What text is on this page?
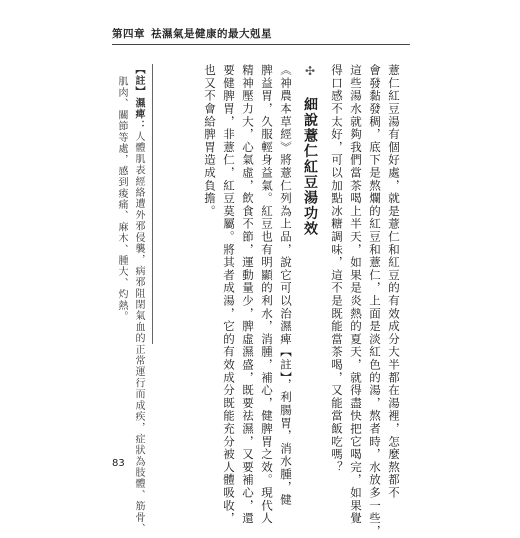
第四章 祛濕氣是健康的最大剋星
薏仁紅豆湯有個好處，就是薏仁和紅豆的有效成分大半都在湯裡，怎麼熬都不
會發黏發稠，底下是熬爛的紅豆和薏仁，上面是淡紅色的湯，熬者時，水放多一些，
這些湯水就夠我們當茶喝上半天，如果是炎熱的夏天，就得盡快把它喝完，如果覺
得口感不太好，可以加點冰糖調味，這不是既能當茶喝，又能當飯吃嗎？
✣ 細說薏仁紅豆湯功效
《神農本草經》將薏仁列為上品，說它可以治濕痺【註】，利腸胃，消水腫，健
脾益胃，久服輕身益氣。紅豆也有明顯的利水，消腫，補心，健脾胃之效。現代人
精神壓力大，心氣虛，飲食不節，運動量少，脾虛濕盛，既要祛濕，又要補心，還
要健脾胃，非薏仁，紅豆莫屬。將其者成湯，它的有效成分既能充分被人體吸收，
也又不會給脾胃造成負擔。
【註】濕痺：人體肌表經絡遭外邪侵襲，病邪阻閉氣血的正常運行而成疾，症狀為肢體、筋骨、
肌肉、關節等處，感到痠痛、麻木、腫大、灼熱。
83
